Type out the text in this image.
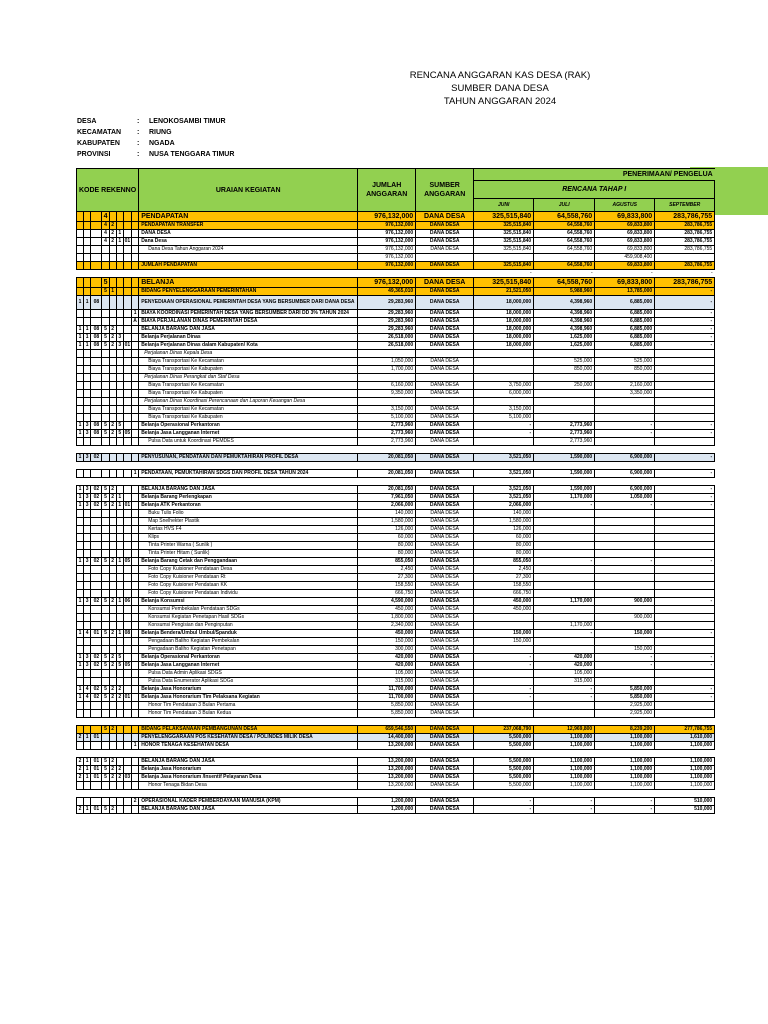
RENCANA ANGGARAN KAS DESA (RAK)
SUMBER DANA DESA
TAHUN ANGGARAN 2024
DESA	:	LENOKOSAMBI TIMUR
KECAMATAN	:	RIUNG
KABUPATEN	:	NGADA
PROVINSI	:	NUSA TENGGARA TIMUR
KODE REKENNO								URAIAN KEGIATAN	JUMLAH ANGGARAN	SUMBER ANGGARAN	PENERIMAAN/ PENGELUA			
											RENCANA TAHAP I			
											JUNI	JULI	AGUSTUS	SEPTEMBER
			4					PENDAPATAN	976,132,000	DANA DESA	325,515,840	64,558,760	69,833,800	283,786,755
			4	2				PENDAPATAN TRANSFER	976,132,000	DANA DESA	325,515,840	64,558,760	69,833,800	283,786,755
			4	2	1			DANA DESA	976,132,000	DANA DESA	325,515,840	64,558,760	69,833,800	283,786,755
			4	2	1	01		Dana Desa	976,132,000	DANA DESA	325,515,840	64,558,760	69,833,800	283,786,755
								Dana Desa Tahun Anggaran 2024	976,132,000	DANA DESA	325,515,840	64,558,760	69,833,800	283,786,755
									976,132,000				459,908,400	
								JUMLAH PENDAPATAN	976,132,000	DANA DESA	325,515,840	64,558,760	69,833,800	283,786,755
											-	-	-	-
			5					BELANJA	976,132,000	DANA DESA	325,515,840	64,558,760	69,833,800	283,786,755
			5	1				BIDANG PENYELENGGARAAN PEMERINTAHAN	49,365,010	DANA DESA	21,521,050	5,988,960	13,785,000	-
1	1	08						PENYEDIAAN OPERASIONAL PEMERINTAH DESA YANG BERSUMBER DARI DANA DESA	29,283,960	DANA DESA	18,000,000	4,398,960	6,885,000	-
							1	BIAYA KOORDINASI PEMERINTAH DESA YANG BERSUMBER DARI DD 3% TAHUN 2024	29,283,960	DANA DESA	18,000,000	4,398,960	6,885,000	-
							A	BIAYA PERJALANAN DINAS PEMERINTAH DESA	29,283,960	DANA DESA	18,000,000	4,398,960	6,885,000	-
1	1	08	5	2				BELANJA BARANG DAN JASA	29,283,960	DANA DESA	18,000,000	4,398,960	6,885,000	-
1	1	08	5	2	3			Belanja Perjalanan Dinas	26,518,000	DANA DESA	18,000,000	1,625,000	6,885,000	-
1	1	08	5	2	3	01		Belanja Perjalanan Dinas dalam Kabupaten/ Kota	26,518,000	DANA DESA	18,000,000	1,625,000	6,885,000	-
								Perjalanan Dinas Kepala Desa						
								Biaya Transportasi Ke Kecamatan	1,050,000	DANA DESA		525,000	525,000	
								Biaya Transportasi Ke Kabupaten	1,700,000	DANA DESA		850,000	850,000	
								Perjalanan Dinas Perangkat dan Staf Desa						
								Biaya Transportasi Ke Kecamatan	6,160,000	DANA DESA	3,750,000	250,000	2,160,000	
								Biaya Transportasi Ke Kabupaten	9,350,000	DANA DESA	6,000,000		3,350,000	
								Perjalanan Dinas Koordinasi Perencanaan dan Laporan Keuangan Desa						
								Biaya Transportasi Ke Kecamatan	3,150,000	DANA DESA	3,150,000			
								Biaya Transportasi Ke Kabupaten	5,100,000	DANA DESA	5,100,000			
1	3	08	5	2	5			Belanja Operasional Perkantoran	2,773,960	DANA DESA	-	2,773,960	-	-
1	3	08	5	2	5	05		Belanja Jasa Langganan Internet	2,773,960	DANA DESA	-	2,773,960	-	-
								Pulsa Data untuk Koordinasi PEMDES	2,773,960	DANA DESA		2,773,960		

1	3	02						PENYUSUNAN, PENDATAAN DAN PEMUKTAHIRAN PROFIL DESA	20,081,050	DANA DESA	3,521,050	1,590,000	6,900,000	-

							1	PENDATAAN, PEMUKTAHIRAN SDGS DAN PROFIL DESA TAHUN 2024	20,081,050	DANA DESA	3,521,050	1,590,000	6,900,000	-

1	3	02	5	2				BELANJA BARANG DAN JASA	20,081,050	DANA DESA	3,521,050	1,590,000	6,900,000	-
1	3	02	5	2	1			Belanja Barang Perlengkapan	7,961,050	DANA DESA	3,521,050	1,170,000	1,050,000	-
1	3	02	5	2	1	01		Belanja ATK Perkantoran	2,066,000	DANA DESA	2,066,000	-	-	-
								Buku Tulis Folio	140,000	DANA DESA	140,000			
								Map Snelhekter Plastik	1,580,000	DANA DESA	1,580,000			
								Kertas HVS F4	126,000	DANA DESA	126,000			
								Klips	60,000	DANA DESA	60,000			
								Tinta Printer Warna ( Sunlik )	80,000	DANA DESA	80,000			
								Tinta Printer Hitam ( Sunlik)	80,000	DANA DESA	80,000			
1	3	02	5	2	1	05		Belanja Barang Cetak dan Penggandaan	855,050	DANA DESA	855,050	-	-	-
								Foto Copy Kuisioner Pendataan Desa	2,450	DANA DESA	2,450			
								Foto Copy Kuisioner Pendataan Rt	27,300	DANA DESA	27,300			
								Foto Copy Kuisioner Pendataan KK	158,550	DANA DESA	158,550			
								Foto Copy Kuisioner Pendataan Individu	666,750	DANA DESA	666,750			
1	3	02	5	2	1	06		Belanja Konsumsi	4,590,000	DANA DESA	450,000	1,170,000	900,000	-
								Konsumsi Pembekalan Pendataan SDGs	450,000	DANA DESA	450,000			
								Konsumsi Kegiatan Penetapan Hasil SDGs	1,800,000	DANA DESA			900,000	
								Konsumsi Pengisian dan Penginputan	2,340,000	DANA DESA		1,170,000		
1	4	01	5	2	1	08		Belanja Bendera/Umbul Umbul/Spanduk	450,000	DANA DESA	150,000	-	150,000	-
								Pengadaan Baliho Kegiatan Pembekalan	150,000	DANA DESA	150,000			
								Pengadaan Baliho Kegiatan Penetapan	300,000	DANA DESA			150,000	
1	3	02	5	2	5			Belanja Operasional Perkantoran	420,000	DANA DESA	-	420,000	-	-
1	3	02	5	2	5	05		Belanja Jasa Langganan Internet	420,000	DANA DESA	-	420,000	-	-
								Pulsa Data Admin Aplikasi SDGS	105,000	DANA DESA		105,000		
								Pulsa Data Enumerator Aplikasi SDGs	315,000	DANA DESA		315,000		
1	4	02	5	2	2			Belanja Jasa Honorarium	11,700,000	DANA DESA	-	-	5,850,000	-
1	4	02	5	2	2	01		Belanja Jasa Honorarium Tim Pelaksana Kegiatan	11,700,000	DANA DESA	-	-	5,850,000	-
								Honor Tim Pendataan 3 Bulan Pertama	5,850,000	DANA DESA			2,925,000	
								Honor Tim Pendataan 3 Bulan Kedua	5,850,000	DANA DESA			2,925,000	

			5	2				BIDANG PELAKSANAAN PEMBANGUNAN DESA	659,546,550	DANA DESA	237,068,790	12,969,800	8,239,200	277,786,755
2	1	01						PENYELENGGARAAN POS KESEHATAN DESA / POLINDES MILIK DESA	14,400,000	DANA DESA	5,500,000	1,100,000	1,100,000	1,610,000
							1	HONOR TENAGA KESEHATAN DESA	13,200,000	DANA DESA	5,500,000	1,100,000	1,100,000	1,100,000

2	1	01	5	2				BELANJA BARANG DAN JASA	13,200,000	DANA DESA	5,500,000	1,100,000	1,100,000	1,100,000
2	1	01	5	2	2			Belanja Jasa Honorarium	13,200,000	DANA DESA	5,500,000	1,100,000	1,100,000	1,100,000
2	1	01	5	2	2	03		Belanja Jasa Honorarium /Insentif Pelayanan Desa	13,200,000	DANA DESA	5,500,000	1,100,000	1,100,000	1,100,000
								Honor Tenaga Bidan Desa	13,200,000	DANA DESA	5,500,000	1,100,000	1,100,000	1,100,000

							2	OPERASIONAL KADER PEMBERDAYAAN MANUSIA (KPM)	1,200,000	DANA DESA	-	-	-	510,000
2	1	01	5	2				BELANJA BARANG DAN JASA	1,200,000	DANA DESA	-	-	-	510,000
